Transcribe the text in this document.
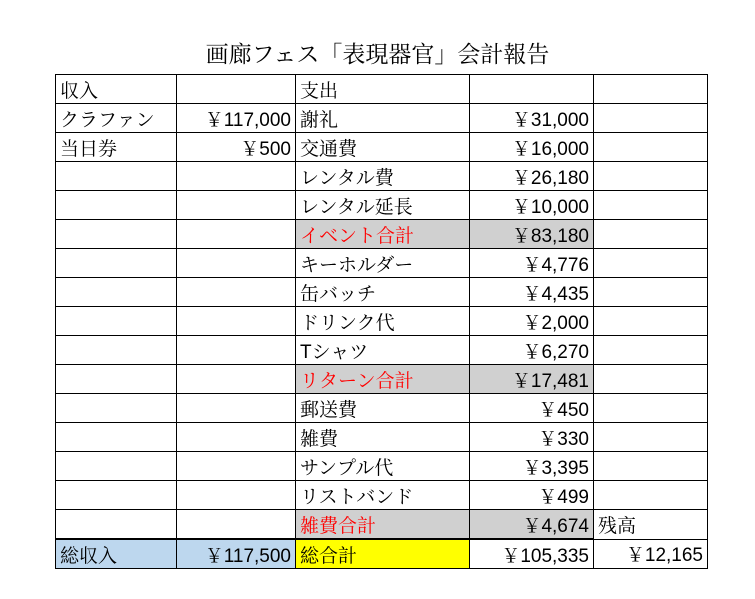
画廊フェス「表現器官」会計報告
収入		支出		
クラファン	￥117,000	謝礼	￥31,000	
当日券	￥500	交通費	￥16,000	
		レンタル費	￥26,180	
		レンタル延長	￥10,000	
		イベント合計	￥83,180	
		キーホルダー	￥4,776	
		缶バッチ	￥4,435	
		ドリンク代	￥2,000	
		Tシャツ	￥6,270	
		リターン合計	￥17,481	
		郵送費	￥450	
		雑費	￥330	
		サンプル代	￥3,395	
		リストバンド	￥499	
		雑費合計	￥4,674	残高
総収入	￥117,500	総合計	￥105,335	￥12,165
